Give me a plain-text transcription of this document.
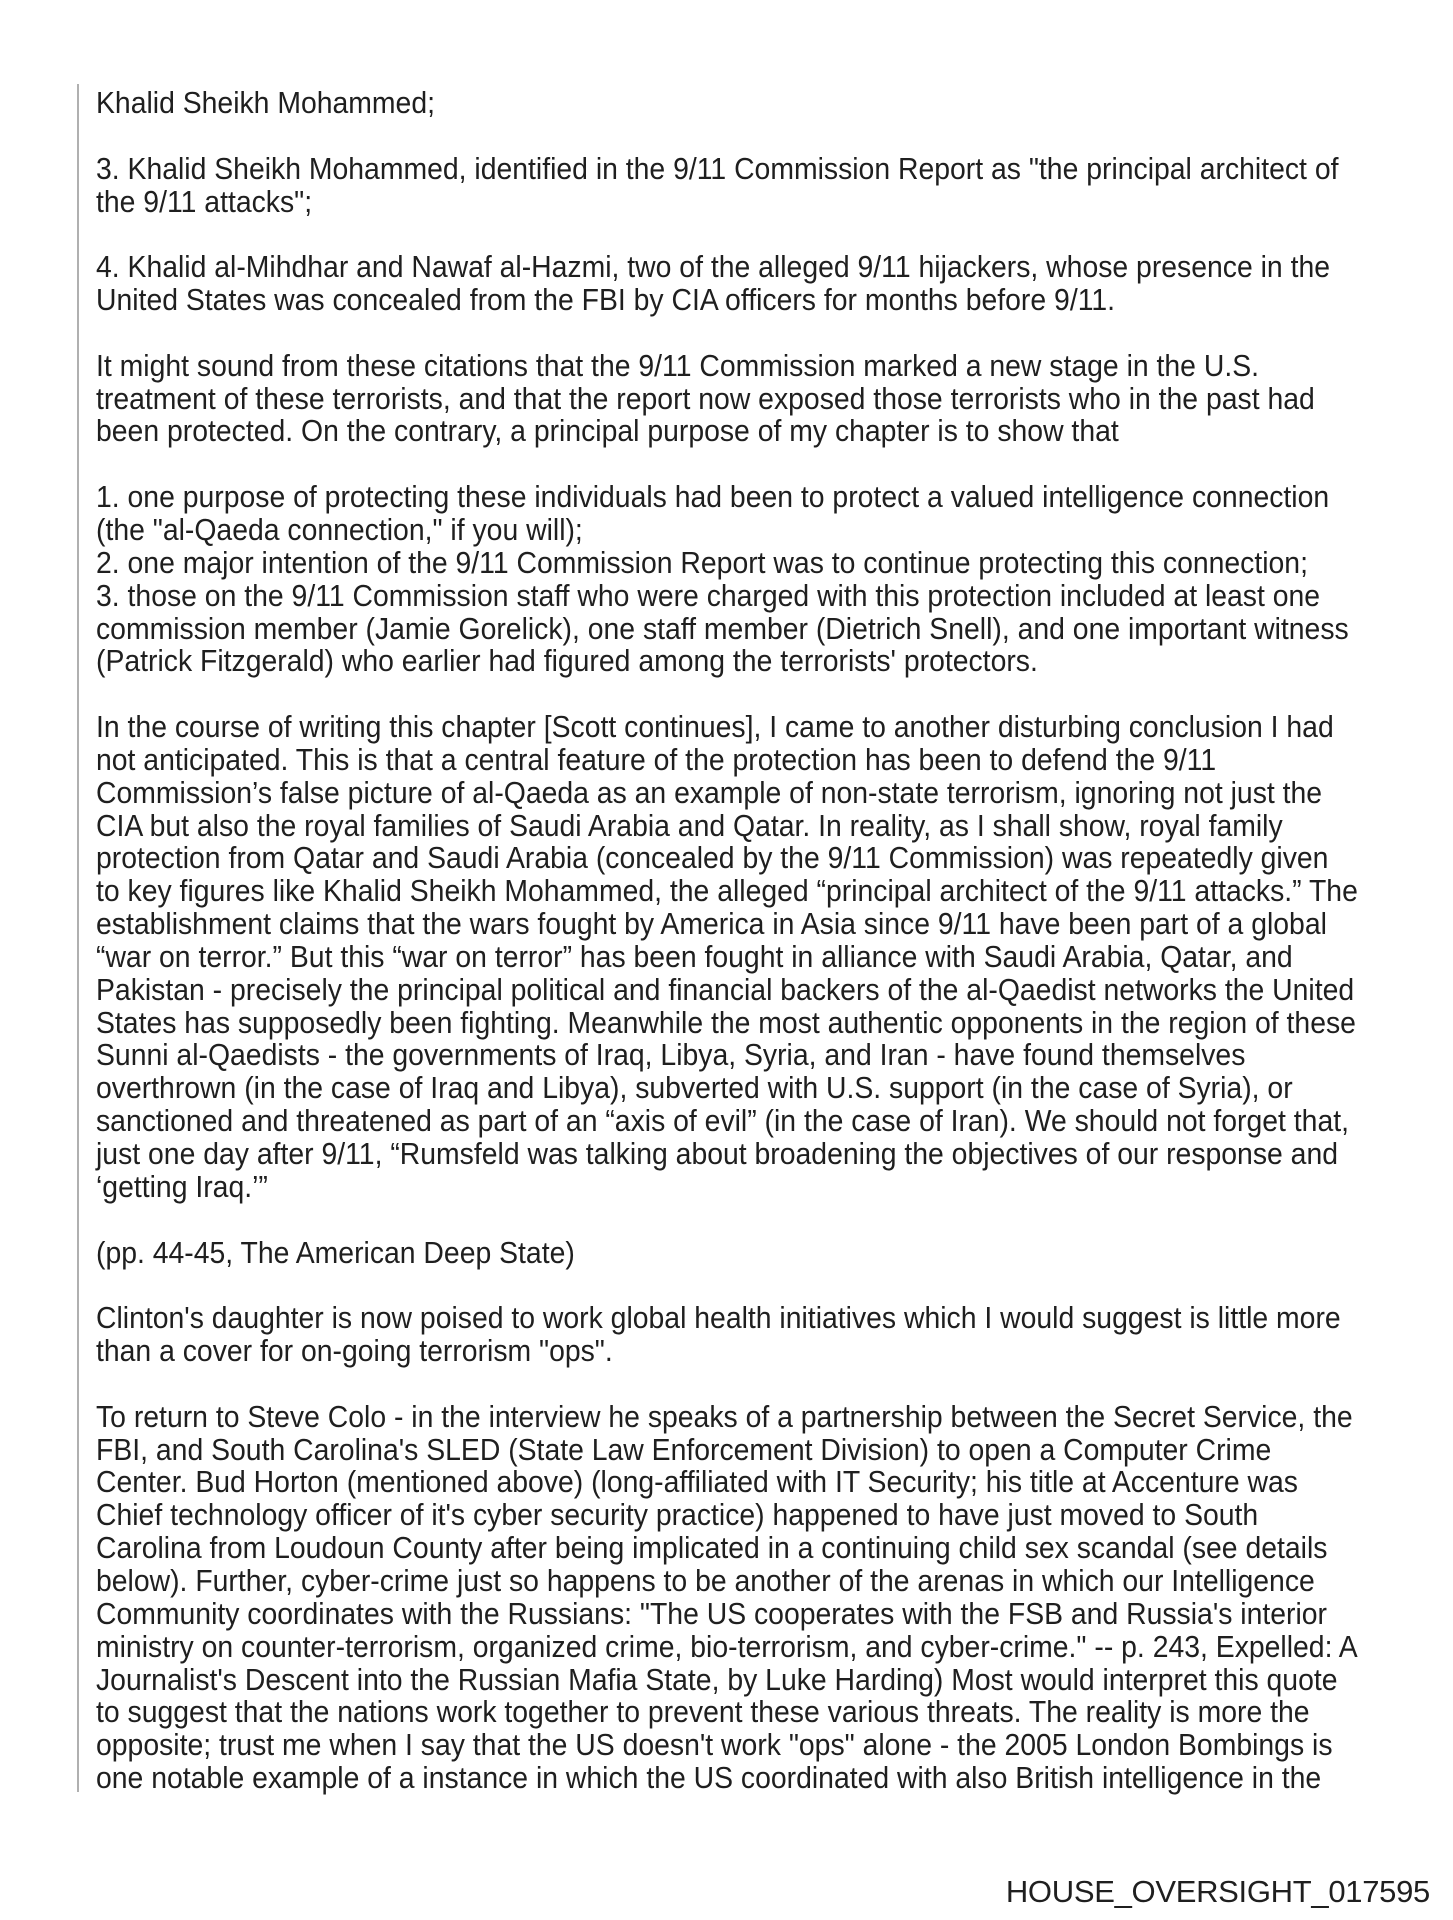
Khalid Sheikh Mohammed;
3. Khalid Sheikh Mohammed, identified in the 9/11 Commission Report as "the principal architect of
the 9/11 attacks";
4. Khalid al-Mihdhar and Nawaf al-Hazmi, two of the alleged 9/11 hijackers, whose presence in the
United States was concealed from the FBI by CIA officers for months before 9/11.
It might sound from these citations that the 9/11 Commission marked a new stage in the U.S.
treatment of these terrorists, and that the report now exposed those terrorists who in the past had
been protected. On the contrary, a principal purpose of my chapter is to show that
1. one purpose of protecting these individuals had been to protect a valued intelligence connection
(the "al-Qaeda connection," if you will);
2. one major intention of the 9/11 Commission Report was to continue protecting this connection;
3. those on the 9/11 Commission staff who were charged with this protection included at least one
commission member (Jamie Gorelick), one staff member (Dietrich Snell), and one important witness
(Patrick Fitzgerald) who earlier had figured among the terrorists' protectors.
In the course of writing this chapter [Scott continues], I came to another disturbing conclusion I had
not anticipated. This is that a central feature of the protection has been to defend the 9/11
Commission’s false picture of al-Qaeda as an example of non-state terrorism, ignoring not just the
CIA but also the royal families of Saudi Arabia and Qatar. In reality, as I shall show, royal family
protection from Qatar and Saudi Arabia (concealed by the 9/11 Commission) was repeatedly given
to key figures like Khalid Sheikh Mohammed, the alleged “principal architect of the 9/11 attacks.” The
establishment claims that the wars fought by America in Asia since 9/11 have been part of a global
“war on terror.” But this “war on terror” has been fought in alliance with Saudi Arabia, Qatar, and
Pakistan - precisely the principal political and financial backers of the al-Qaedist networks the United
States has supposedly been fighting. Meanwhile the most authentic opponents in the region of these
Sunni al-Qaedists - the governments of Iraq, Libya, Syria, and Iran - have found themselves
overthrown (in the case of Iraq and Libya), subverted with U.S. support (in the case of Syria), or
sanctioned and threatened as part of an “axis of evil” (in the case of Iran). We should not forget that,
just one day after 9/11, “Rumsfeld was talking about broadening the objectives of our response and
‘getting Iraq.’”
(pp. 44-45, The American Deep State)
Clinton's daughter is now poised to work global health initiatives which I would suggest is little more
than a cover for on-going terrorism "ops".
To return to Steve Colo - in the interview he speaks of a partnership between the Secret Service, the
FBI, and South Carolina's SLED (State Law Enforcement Division) to open a Computer Crime
Center. Bud Horton (mentioned above) (long-affiliated with IT Security; his title at Accenture was
Chief technology officer of it's cyber security practice) happened to have just moved to South
Carolina from Loudoun County after being implicated in a continuing child sex scandal (see details
below). Further, cyber-crime just so happens to be another of the arenas in which our Intelligence
Community coordinates with the Russians: "The US cooperates with the FSB and Russia's interior
ministry on counter-terrorism, organized crime, bio-terrorism, and cyber-crime." -- p. 243, Expelled: A
Journalist's Descent into the Russian Mafia State, by Luke Harding) Most would interpret this quote
to suggest that the nations work together to prevent these various threats. The reality is more the
opposite; trust me when I say that the US doesn't work "ops" alone - the 2005 London Bombings is
one notable example of a instance in which the US coordinated with also British intelligence in the
HOUSE_OVERSIGHT_017595
